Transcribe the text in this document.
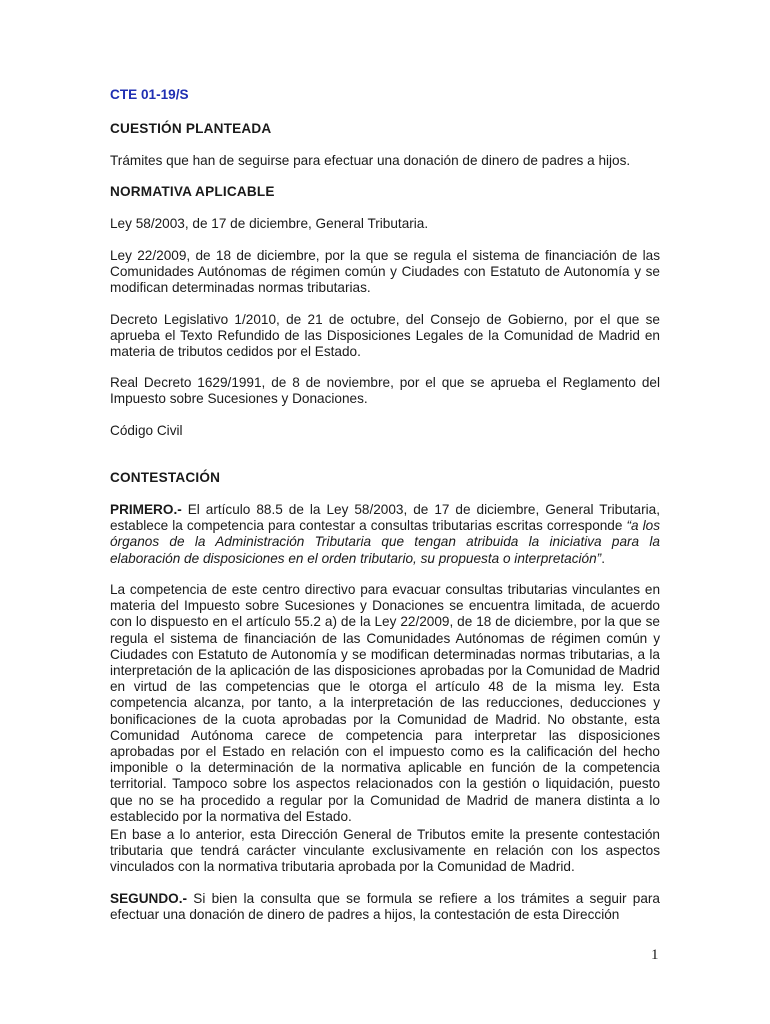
CTE 01-19/S

CUESTIÓN PLANTEADA

Trámites que han de seguirse para efectuar una donación de dinero de padres a hijos.

NORMATIVA APLICABLE

Ley 58/2003, de 17 de diciembre, General Tributaria.

Ley 22/2009, de 18 de diciembre, por la que se regula el sistema de financiación de las Comunidades Autónomas de régimen común y Ciudades con Estatuto de Autonomía y se modifican determinadas normas tributarias.

Decreto Legislativo 1/2010, de 21 de octubre, del Consejo de Gobierno, por el que se aprueba el Texto Refundido de las Disposiciones Legales de la Comunidad de Madrid en materia de tributos cedidos por el Estado.

Real Decreto 1629/1991, de 8 de noviembre, por el que se aprueba el Reglamento del Impuesto sobre Sucesiones y Donaciones.

Código Civil

CONTESTACIÓN

PRIMERO.- El artículo 88.5 de la Ley 58/2003, de 17 de diciembre, General Tributaria, establece la competencia para contestar a consultas tributarias escritas corresponde “a los órganos de la Administración Tributaria que tengan atribuida la iniciativa para la elaboración de disposiciones en el orden tributario, su propuesta o interpretación”.

La competencia de este centro directivo para evacuar consultas tributarias vinculantes en materia del Impuesto sobre Sucesiones y Donaciones se encuentra limitada, de acuerdo con lo dispuesto en el artículo 55.2 a) de la Ley 22/2009, de 18 de diciembre, por la que se regula el sistema de financiación de las Comunidades Autónomas de régimen común y Ciudades con Estatuto de Autonomía y se modifican determinadas normas tributarias, a la interpretación de la aplicación de las disposiciones aprobadas por la Comunidad de Madrid en virtud de las competencias que le otorga el artículo 48 de la misma ley. Esta competencia alcanza, por tanto, a la interpretación de las reducciones, deducciones y bonificaciones de la cuota aprobadas por la Comunidad de Madrid. No obstante, esta Comunidad Autónoma carece de competencia para interpretar las disposiciones aprobadas por el Estado en relación con el impuesto como es la calificación del hecho imponible o la determinación de la normativa aplicable en función de la competencia territorial. Tampoco sobre los aspectos relacionados con la gestión o liquidación, puesto que no se ha procedido a regular por la Comunidad de Madrid de manera distinta a lo establecido por la normativa del Estado.

En base a lo anterior, esta Dirección General de Tributos emite la presente contestación tributaria que tendrá carácter vinculante exclusivamente en relación con los aspectos vinculados con la normativa tributaria aprobada por la Comunidad de Madrid.

SEGUNDO.- Si bien la consulta que se formula se refiere a los trámites a seguir para efectuar una donación de dinero de padres a hijos, la contestación de esta Dirección

1
